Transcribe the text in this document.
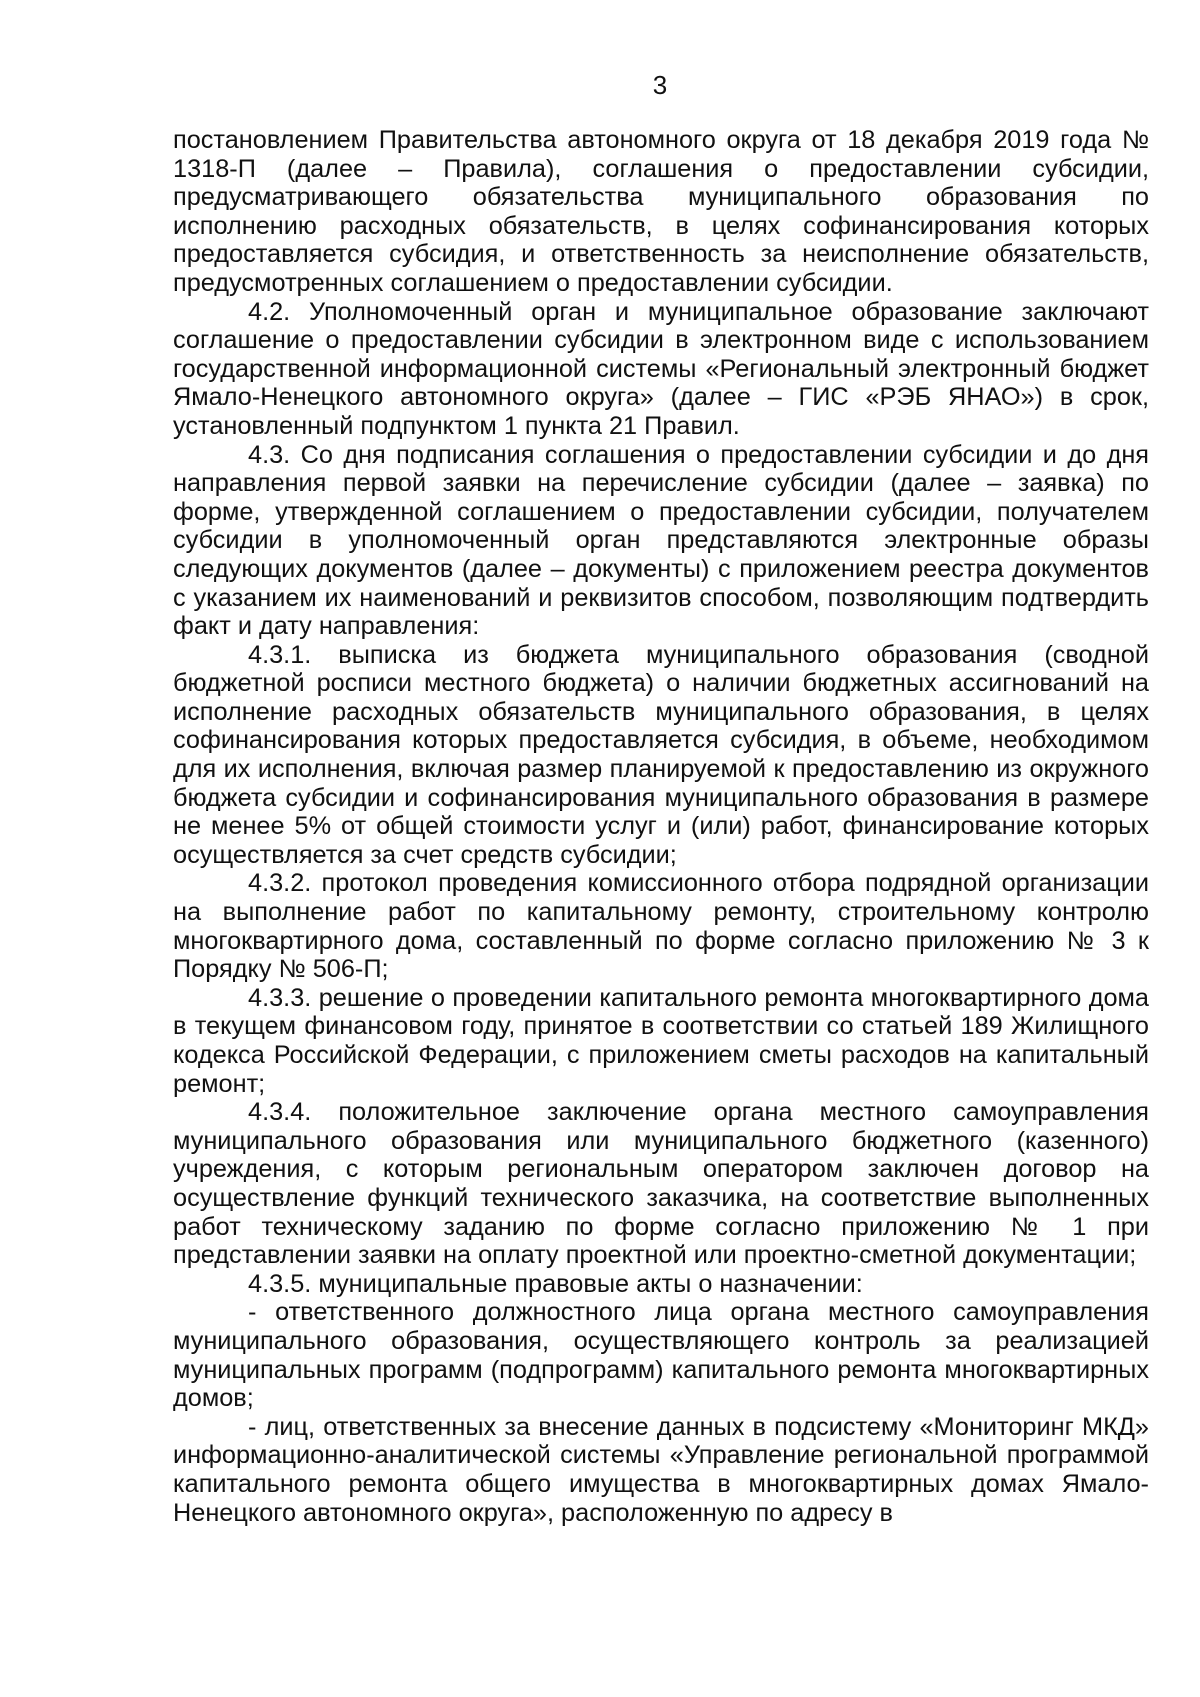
3

постановлением Правительства автономного округа от 18 декабря 2019 года № 1318-П (далее – Правила), соглашения о предоставлении субсидии, предусматривающего обязательства муниципального образования по исполнению расходных обязательств, в целях софинансирования которых предоставляется субсидия, и ответственность за неисполнение обязательств, предусмотренных соглашением о предоставлении субсидии.

4.2. Уполномоченный орган и муниципальное образование заключают соглашение о предоставлении субсидии в электронном виде с использованием государственной информационной системы «Региональный электронный бюджет Ямало-Ненецкого автономного округа» (далее – ГИС «РЭБ ЯНАО») в срок, установленный подпунктом 1 пункта 21 Правил.

4.3. Со дня подписания соглашения о предоставлении субсидии и до дня направления первой заявки на перечисление субсидии (далее – заявка) по форме, утвержденной соглашением о предоставлении субсидии, получателем субсидии в уполномоченный орган представляются электронные образы следующих документов (далее – документы) с приложением реестра документов с указанием их наименований и реквизитов способом, позволяющим подтвердить факт и дату направления:

4.3.1. выписка из бюджета муниципального образования (сводной бюджетной росписи местного бюджета) о наличии бюджетных ассигнований на исполнение расходных обязательств муниципального образования, в целях софинансирования которых предоставляется субсидия, в объеме, необходимом для их исполнения, включая размер планируемой к предоставлению из окружного бюджета субсидии и софинансирования муниципального образования в размере не менее 5% от общей стоимости услуг и (или) работ, финансирование которых осуществляется за счет средств субсидии;

4.3.2. протокол проведения комиссионного отбора подрядной организации на выполнение работ по капитальному ремонту, строительному контролю многоквартирного дома, составленный по форме согласно приложению № 3 к Порядку № 506-П;

4.3.3. решение о проведении капитального ремонта многоквартирного дома в текущем финансовом году, принятое в соответствии со статьей 189 Жилищного кодекса Российской Федерации, с приложением сметы расходов на капитальный ремонт;

4.3.4. положительное заключение органа местного самоуправления муниципального образования или муниципального бюджетного (казенного) учреждения, с которым региональным оператором заключен договор на осуществление функций технического заказчика, на соответствие выполненных работ техническому заданию по форме согласно приложению № 1 при представлении заявки на оплату проектной или проектно-сметной документации;

4.3.5. муниципальные правовые акты о назначении:

- ответственного должностного лица органа местного самоуправления муниципального образования, осуществляющего контроль за реализацией муниципальных программ (подпрограмм) капитального ремонта многоквартирных домов;

- лиц, ответственных за внесение данных в подсистему «Мониторинг МКД» информационно-аналитической системы «Управление региональной программой капитального ремонта общего имущества в многоквартирных домах Ямало-Ненецкого автономного округа», расположенную по адресу в
